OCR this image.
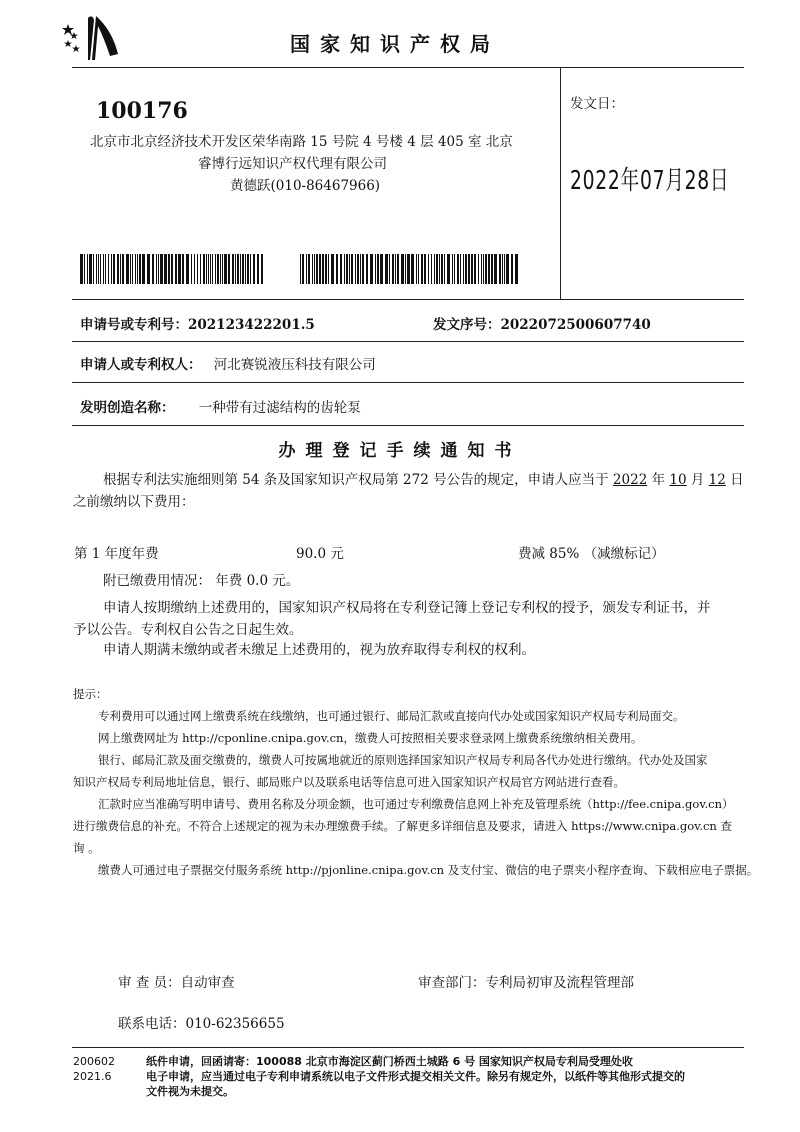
国家知识产权局
100176
北京市北京经济技术开发区荣华南路 15 号院 4 号楼 4 层 405 室 北京
睿博行远知识产权代理有限公司
黄德跃(010-86467966)
发文日：
2022年07月28日
申请号或专利号：202123422201.5	发文序号：2022072500607740
申请人或专利权人： 河北赛锐液压科技有限公司
发明创造名称： 一种带有过滤结构的齿轮泵
办理登记手续通知书
根据专利法实施细则第 54 条及国家知识产权局第 272 号公告的规定，申请人应当于 2022 年 10 月 12 日
之前缴纳以下费用：
第 1 年度年费	90.0 元	费减 85% （减缴标记）
附已缴费用情况： 年费 0.0 元。
申请人按期缴纳上述费用的，国家知识产权局将在专利登记簿上登记专利权的授予，颁发专利证书，并
予以公告。专利权自公告之日起生效。
申请人期满未缴纳或者未缴足上述费用的，视为放弃取得专利权的权利。
提示：
专利费用可以通过网上缴费系统在线缴纳，也可通过银行、邮局汇款或直接向代办处或国家知识产权局专利局面交。
网上缴费网址为 http://cponline.cnipa.gov.cn，缴费人可按照相关要求登录网上缴费系统缴纳相关费用。
银行、邮局汇款及面交缴费的，缴费人可按属地就近的原则选择国家知识产权局专利局各代办处进行缴纳。代办处及国家
知识产权局专利局地址信息，银行、邮局账户以及联系电话等信息可进入国家知识产权局官方网站进行查看。
汇款时应当准确写明申请号、费用名称及分项金额，也可通过专利缴费信息网上补充及管理系统（http://fee.cnipa.gov.cn）
进行缴费信息的补充。不符合上述规定的视为未办理缴费手续。了解更多详细信息及要求，请进入 https://www.cnipa.gov.cn 查
询 。
缴费人可通过电子票据交付服务系统 http://pjonline.cnipa.gov.cn 及支付宝、微信的电子票夹小程序查询、下载相应电子票据。
审 查 员：自动审查	审查部门：专利局初审及流程管理部
联系电话：010-62356655
200602
2021.6
纸件申请，回函请寄：100088 北京市海淀区蓟门桥西土城路 6 号 国家知识产权局专利局受理处收
电子申请，应当通过电子专利申请系统以电子文件形式提交相关文件。除另有规定外，以纸件等其他形式提交的
文件视为未提交。
